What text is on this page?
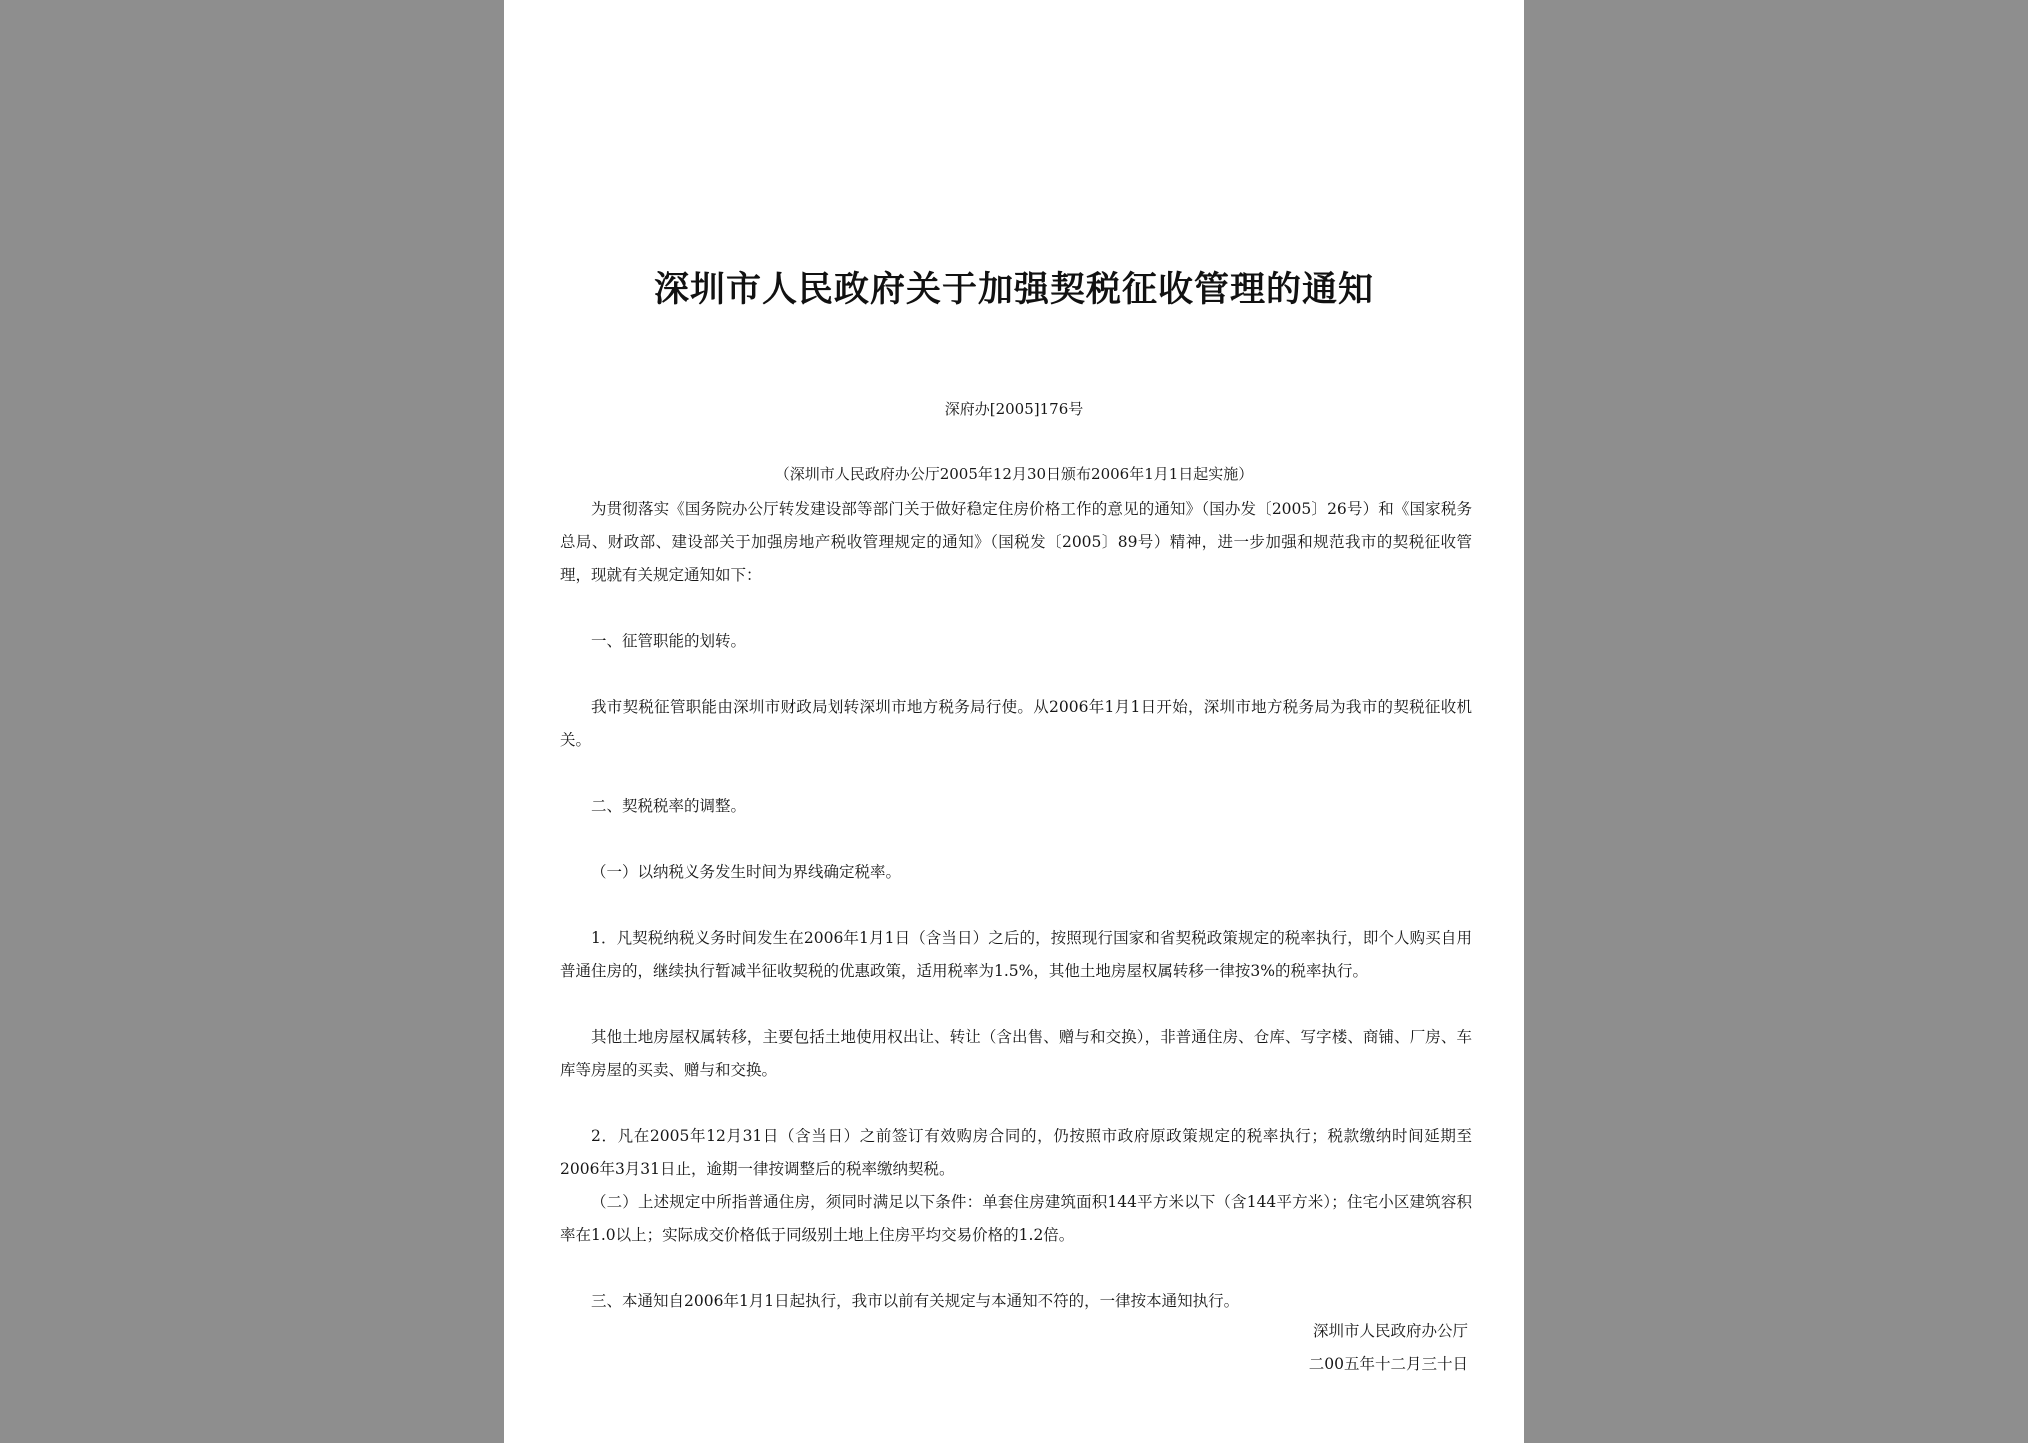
深圳市人民政府关于加强契税征收管理的通知
深府办[2005]176号
（深圳市人民政府办公厅2005年12月30日颁布2006年1月1日起实施）

为贯彻落实《国务院办公厅转发建设部等部门关于做好稳定住房价格工作的意见的通知》（国办发〔2005〕26号）和《国家税务总局、财政部、建设部关于加强房地产税收管理规定的通知》（国税发〔2005〕89号）精神，进一步加强和规范我市的契税征收管理，现就有关规定通知如下：

一、征管职能的划转。

我市契税征管职能由深圳市财政局划转深圳市地方税务局行使。从2006年1月1日开始，深圳市地方税务局为我市的契税征收机关。

二、契税税率的调整。

（一）以纳税义务发生时间为界线确定税率。

1．凡契税纳税义务时间发生在2006年1月1日（含当日）之后的，按照现行国家和省契税政策规定的税率执行，即个人购买自用普通住房的，继续执行暂减半征收契税的优惠政策，适用税率为1.5%，其他土地房屋权属转移一律按3%的税率执行。

其他土地房屋权属转移，主要包括土地使用权出让、转让（含出售、赠与和交换），非普通住房、仓库、写字楼、商铺、厂房、车库等房屋的买卖、赠与和交换。

2．凡在2005年12月31日（含当日）之前签订有效购房合同的，仍按照市政府原政策规定的税率执行；税款缴纳时间延期至2006年3月31日止，逾期一律按调整后的税率缴纳契税。

（二）上述规定中所指普通住房，须同时满足以下条件：单套住房建筑面积144平方米以下（含144平方米）；住宅小区建筑容积率在1.0以上；实际成交价格低于同级别土地上住房平均交易价格的1.2倍。

三、本通知自2006年1月1日起执行，我市以前有关规定与本通知不符的，一律按本通知执行。

深圳市人民政府办公厅
二00五年十二月三十日
